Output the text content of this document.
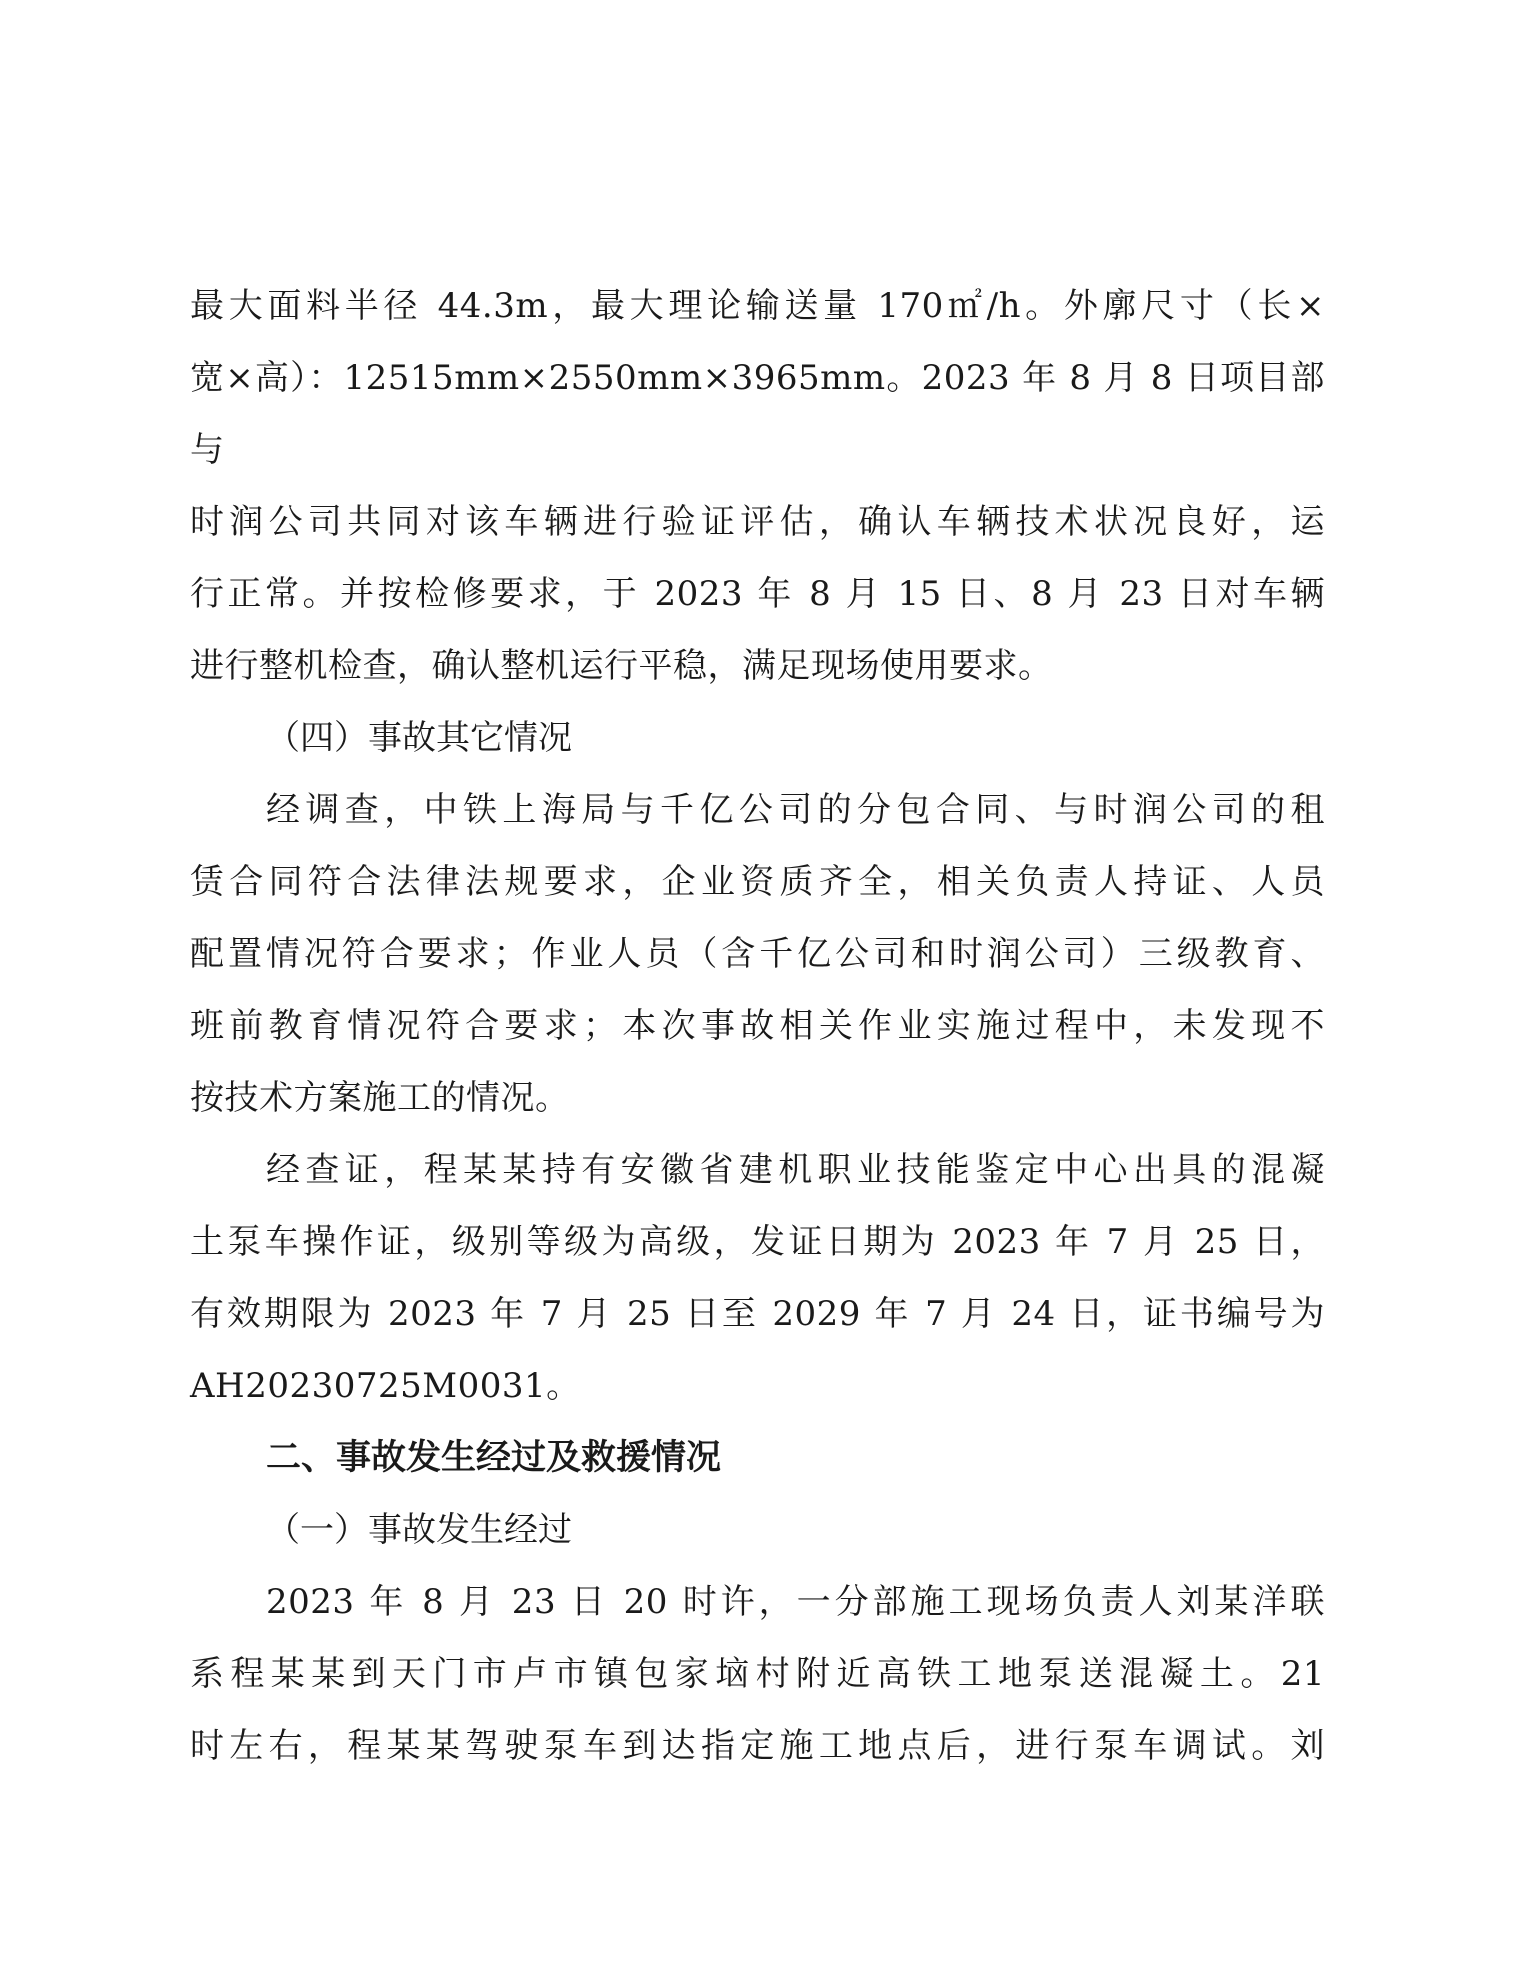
最大面料半径 44.3m，最大理论输送量 170㎡/h。外廓尺寸（长×

宽×高）：12515mm×2550mm×3965mm。2023 年 8 月 8 日项目部与

时润公司共同对该车辆进行验证评估，确认车辆技术状况良好，运

行正常。并按检修要求，于 2023 年 8 月 15 日、8 月 23 日对车辆

进行整机检查，确认整机运行平稳，满足现场使用要求。

（四）事故其它情况

经调查，中铁上海局与千亿公司的分包合同、与时润公司的租

赁合同符合法律法规要求，企业资质齐全，相关负责人持证、人员

配置情况符合要求；作业人员（含千亿公司和时润公司）三级教育、

班前教育情况符合要求；本次事故相关作业实施过程中，未发现不

按技术方案施工的情况。

经查证，程某某持有安徽省建机职业技能鉴定中心出具的混凝

土泵车操作证，级别等级为高级，发证日期为 2023 年 7 月 25 日，

有效期限为 2023 年 7 月 25 日至 2029 年 7 月 24 日，证书编号为

AH20230725M0031。

二、事故发生经过及救援情况

（一）事故发生经过

2023 年 8 月 23 日 20 时许，一分部施工现场负责人刘某洋联

系程某某到天门市卢市镇包家垴村附近高铁工地泵送混凝土。21

时左右，程某某驾驶泵车到达指定施工地点后，进行泵车调试。刘
